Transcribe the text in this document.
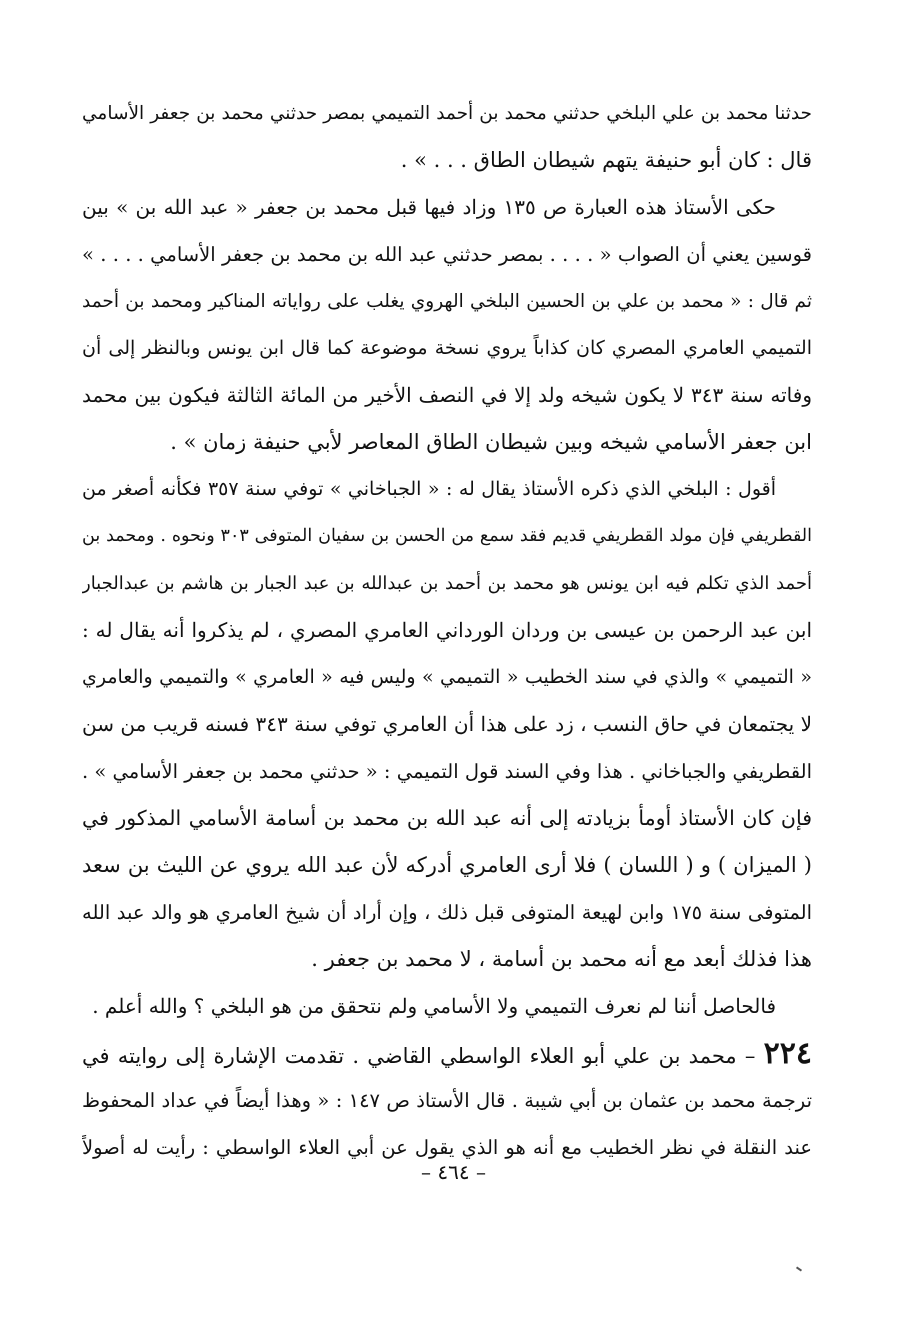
حدثنا محمد بن علي البلخي حدثني محمد بن أحمد التميمي بمصر حدثني محمد بن جعفر الأسامي
قال : كان أبو حنيفة يتهم شيطان الطاق . . . » .
حكى الأستاذ هذه العبارة ص ١٣٥ وزاد فيها قبل محمد بن جعفر « عبد الله بن » بين
قوسين يعني أن الصواب « . . . . بمصر حدثني عبد الله بن محمد بن جعفر الأسامي . . . . »
ثم قال : « محمد بن علي بن الحسين البلخي الهروي يغلب على رواياته المناكير ومحمد بن أحمد
التميمي العامري المصري كان كذاباً يروي نسخة موضوعة كما قال ابن يونس وبالنظر إلى أن
وفاته سنة ٣٤٣ لا يكون شيخه ولد إلا في النصف الأخير من المائة الثالثة فيكون بين محمد
ابن جعفر الأسامي شيخه وبين شيطان الطاق المعاصر لأبي حنيفة زمان » .
أقول : البلخي الذي ذكره الأستاذ يقال له : « الجباخاني » توفي سنة ٣٥٧ فكأنه أصغر من
القطريفي فإن مولد القطريفي قديم فقد سمع من الحسن بن سفيان المتوفى ٣٠٣ ونحوه . ومحمد بن
أحمد الذي تكلم فيه ابن يونس هو محمد بن أحمد بن عبدالله بن عبد الجبار بن هاشم بن عبدالجبار
ابن عبد الرحمن بن عيسى بن وردان الورداني العامري المصري ، لم يذكروا أنه يقال له :
« التميمي » والذي في سند الخطيب « التميمي » وليس فيه « العامري » والتميمي والعامري
لا يجتمعان في حاق النسب ، زد على هذا أن العامري توفي سنة ٣٤٣ فسنه قريب من سن
القطريفي والجباخاني . هذا وفي السند قول التميمي : « حدثني محمد بن جعفر الأسامي » .
فإن كان الأستاذ أومأ بزيادته إلى أنه عبد الله بن محمد بن أسامة الأسامي المذكور في
( الميزان ) و ( اللسان ) فلا أرى العامري أدركه لأن عبد الله يروي عن الليث بن سعد
المتوفى سنة ١٧٥ وابن لهيعة المتوفى قبل ذلك ، وإن أراد أن شيخ العامري هو والد عبد الله
هذا فذلك أبعد مع أنه محمد بن أسامة ، لا محمد بن جعفر .
فالحاصل أننا لم نعرف التميمي ولا الأسامي ولم نتحقق من هو البلخي ؟ والله أعلم .
٢٢٤ – محمد بن علي أبو العلاء الواسطي القاضي . تقدمت الإشارة إلى روايته في
ترجمة محمد بن عثمان بن أبي شيبة . قال الأستاذ ص ١٤٧ : « وهذا أيضاً في عداد المحفوظ
عند النقلة في نظر الخطيب مع أنه هو الذي يقول عن أبي العلاء الواسطي : رأيت له أصولاً
– ٤٦٤ –
